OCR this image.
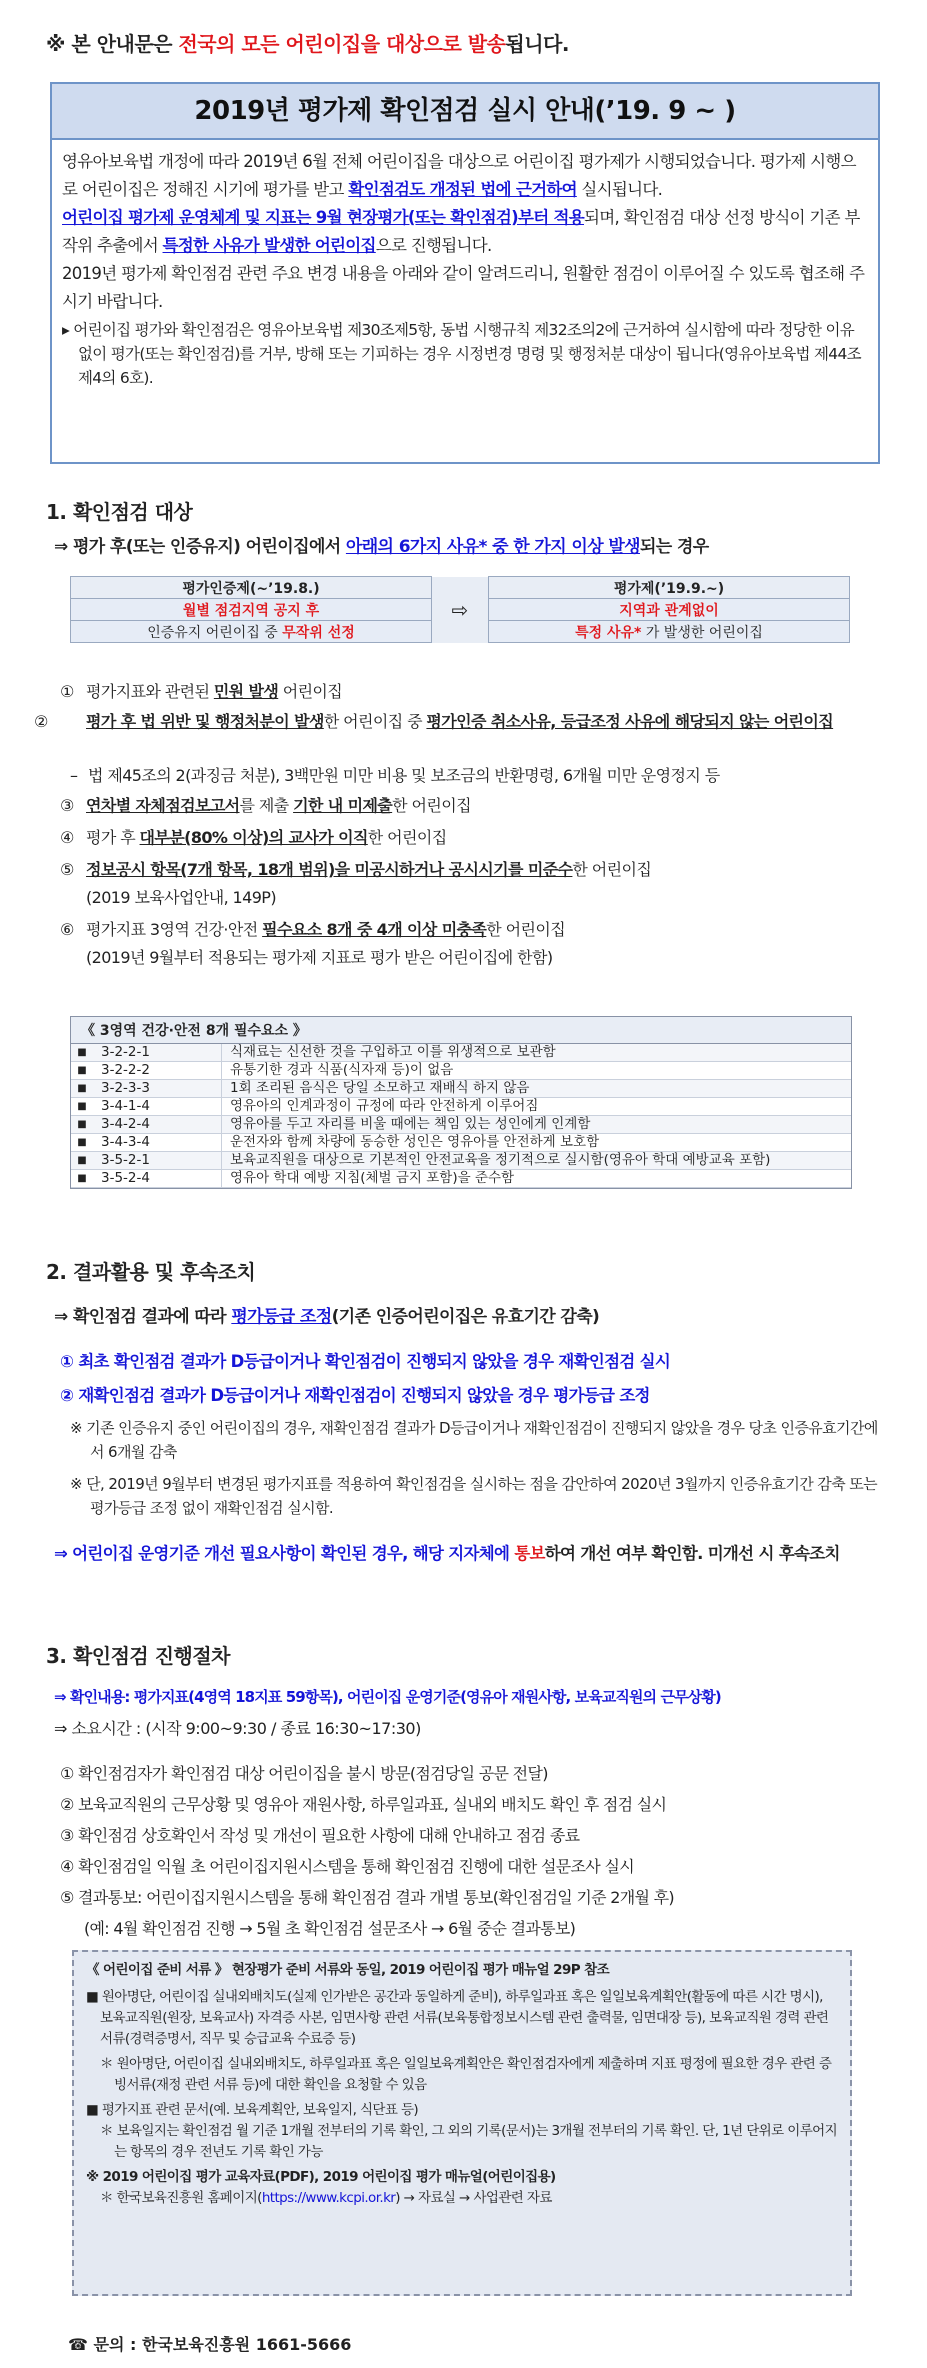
※ 본 안내문은 전국의 모든 어린이집을 대상으로 발송됩니다.
2019년 평가제 확인점검 실시 안내(’19. 9 ~ )

영유아보육법 개정에 따라 2019년 6월 전체 어린이집을 대상으로 어린이집 평가제가 시행되었습니다. 평가제 시행으로 어린이집은 정해진 시기에 평가를 받고 확인점검도 개정된 법에 근거하여 실시됩니다.

어린이집 평가제 운영체계 및 지표는 9월 현장평가(또는 확인점검)부터 적용되며, 확인점검 대상 선정 방식이 기존 부작위 추출에서 특정한 사유가 발생한 어린이집으로 진행됩니다.

2019년 평가제 확인점검 관련 주요 변경 내용을 아래와 같이 알려드리니, 원활한 점검이 이루어질 수 있도록 협조해 주시기 바랍니다.

▸ 어린이집 평가와 확인점검은 영유아보육법 제30조제5항, 동법 시행규칙 제32조의2에 근거하여 실시함에 따라 정당한 이유 없이 평가(또는 확인점검)를 거부, 방해 또는 기피하는 경우 시정변경 명령 및 행정처분 대상이 됩니다(영유아보육법 제44조제4의 6호).

1. 확인점검 대상
⇒ 평가 후(또는 인증유지) 어린이집에서 아래의 6가지 사유* 중 한 가지 이상 발생되는 경우
평가인증제(~’19.8.)	⇨	평가제(’19.9.~)
월별 점검지역 공지 후		지역과 관계없이
인증유지 어린이집 중 무작위 선정		특정 사유* 가 발생한 어린이집
① 평가지표와 관련된 민원 발생 어린이집
② 평가 후 법 위반 및 행정처분이 발생한 어린이집 중 평가인증 취소사유, 등급조정 사유에 해당되지 않는 어린이집
– 법 제45조의 2(과징금 처분), 3백만원 미만 비용 및 보조금의 반환명령, 6개월 미만 운영정지 등
③ 연차별 자체점검보고서를 제출 기한 내 미제출한 어린이집
④ 평가 후 대부분(80% 이상)의 교사가 이직한 어린이집
⑤ 정보공시 항목(7개 항목, 18개 범위)을 미공시하거나 공시시기를 미준수한 어린이집
(2019 보육사업안내, 149P)
⑥ 평가지표 3영역 건강·안전 필수요소 8개 중 4개 이상 미충족한 어린이집
(2019년 9월부터 적용되는 평가제 지표로 평가 받은 어린이집에 한함)
《 3영역 건강·안전 8개 필수요소 》
■	3-2-2-1	식재료는 신선한 것을 구입하고 이를 위생적으로 보관함
■	3-2-2-2	유통기한 경과 식품(식자재 등)이 없음
■	3-2-3-3	1회 조리된 음식은 당일 소모하고 재배식 하지 않음
■	3-4-1-4	영유아의 인계과정이 규정에 따라 안전하게 이루어짐
■	3-4-2-4	영유아를 두고 자리를 비울 때에는 책임 있는 성인에게 인계함
■	3-4-3-4	운전자와 함께 차량에 동승한 성인은 영유아를 안전하게 보호함
■	3-5-2-1	보육교직원을 대상으로 기본적인 안전교육을 정기적으로 실시함(영유아 학대 예방교육 포함)
■	3-5-2-4	영유아 학대 예방 지침(체벌 금지 포함)을 준수함
2. 결과활용 및 후속조치
⇒ 확인점검 결과에 따라 평가등급 조정(기존 인증어린이집은 유효기간 감축)
① 최초 확인점검 결과가 D등급이거나 확인점검이 진행되지 않았을 경우 재확인점검 실시
② 재확인점검 결과가 D등급이거나 재확인점검이 진행되지 않았을 경우 평가등급 조정
※ 기존 인증유지 중인 어린이집의 경우, 재확인점검 결과가 D등급이거나 재확인점검이 진행되지 않았을 경우 당초 인증유효기간에서 6개월 감축
※ 단, 2019년 9월부터 변경된 평가지표를 적용하여 확인점검을 실시하는 점을 감안하여 2020년 3월까지 인증유효기간 감축 또는 평가등급 조정 없이 재확인점검 실시함.
⇒ 어린이집 운영기준 개선 필요사항이 확인된 경우, 해당 지자체에 통보하여 개선 여부 확인함. 미개선 시 후속조치
3. 확인점검 진행절차
⇒ 확인내용: 평가지표(4영역 18지표 59항목), 어린이집 운영기준(영유아 재원사항, 보육교직원의 근무상황)
⇒ 소요시간 : (시작 9:00~9:30 / 종료 16:30~17:30)
① 확인점검자가 확인점검 대상 어린이집을 불시 방문(점검당일 공문 전달)
② 보육교직원의 근무상황 및 영유아 재원사항, 하루일과표, 실내외 배치도 확인 후 점검 실시
③ 확인점검 상호확인서 작성 및 개선이 필요한 사항에 대해 안내하고 점검 종료
④ 확인점검일 익월 초 어린이집지원시스템을 통해 확인점검 진행에 대한 설문조사 실시
⑤ 결과통보: 어린이집지원시스템을 통해 확인점검 결과 개별 통보(확인점검일 기준 2개월 후)
(예: 4월 확인점검 진행 → 5월 초 확인점검 설문조사 → 6월 중순 결과통보)

《 어린이집 준비 서류 》 현장평가 준비 서류와 동일, 2019 어린이집 평가 매뉴얼 29P 참조

■ 원아명단, 어린이집 실내외배치도(실제 인가받은 공간과 동일하게 준비), 하루일과표 혹은 일일보육계획안(활동에 따른 시간 명시), 보육교직원(원장, 보육교사) 자격증 사본, 임면사항 관련 서류(보육통합정보시스템 관련 출력물, 임면대장 등), 보육교직원 경력 관련 서류(경력증명서, 직무 및 승급교육 수료증 등)

＊ 원아명단, 어린이집 실내외배치도, 하루일과표 혹은 일일보육계획안은 확인점검자에게 제출하며 지표 평정에 필요한 경우 관련 증빙서류(재정 관련 서류 등)에 대한 확인을 요청할 수 있음

■ 평가지표 관련 문서(예. 보육계획안, 보육일지, 식단표 등)

＊ 보육일지는 확인점검 월 기준 1개월 전부터의 기록 확인, 그 외의 기록(문서)는 3개월 전부터의 기록 확인. 단, 1년 단위로 이루어지는 항목의 경우 전년도 기록 확인 가능

※ 2019 어린이집 평가 교육자료(PDF), 2019 어린이집 평가 매뉴얼(어린이집용)

＊ 한국보육진흥원 홈페이지(https://www.kcpi.or.kr) → 자료실 → 사업관련 자료

☎ 문의 : 한국보육진흥원 1661-5666
